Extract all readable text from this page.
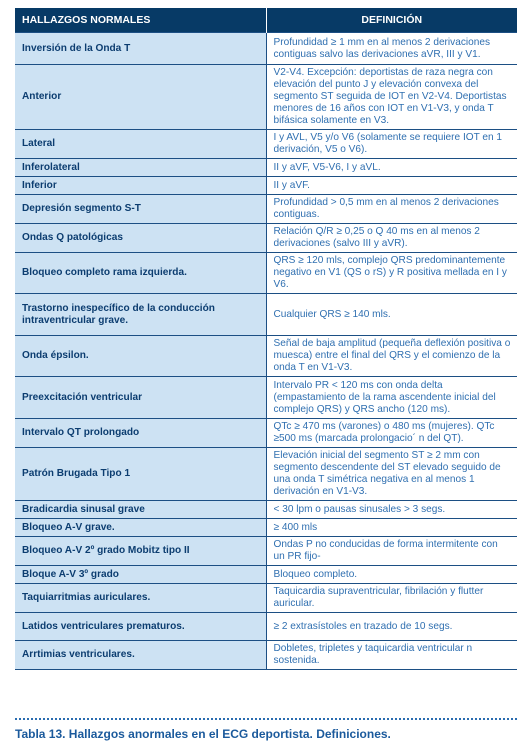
HALLAZGOS NORMALES	DEFINICIÓN
Inversión de la Onda T	Profundidad ≥ 1 mm en al menos 2 derivaciones contiguas salvo las derivaciones aVR, III y V1.
Anterior	V2-V4. Excepción: deportistas de raza negra con elevación del punto J y elevación convexa del segmento ST seguida de IOT en V2-V4. Deportistas menores de 16 años con IOT en V1-V3, y onda T bifásica solamente en V3.
Lateral	I y AVL, V5 y/o V6 (solamente se requiere IOT en 1 derivación, V5 o V6).
Inferolateral	II y aVF, V5-V6, I y aVL.
Inferior	II y aVF.
Depresión segmento S-T	Profundidad > 0,5 mm en al menos 2 derivaciones contiguas.
Ondas Q patológicas	Relación Q/R ≥ 0,25 o Q 40 ms en al menos 2 derivaciones (salvo III y aVR).
Bloqueo completo rama izquierda.	QRS ≥ 120 mls, complejo QRS predominantemente negativo en V1 (QS o rS) y R positiva mellada en I y V6.
Trastorno inespecífico de la conducción intraventricular grave.	Cualquier QRS ≥ 140 mls.
Onda épsilon.	Señal de baja amplitud (pequeña deflexión positiva o muesca) entre el final del QRS y el comienzo de la onda T en V1-V3.
Preexcitación ventricular	Intervalo PR < 120 ms con onda delta (empastamiento de la rama ascendente inicial del complejo QRS) y QRS ancho (120 ms).
Intervalo QT prolongado	QTc ≥ 470 ms (varones) o 480 ms (mujeres). QTc ≥500 ms (marcada prolongacio´ n del QT).
Patrón Brugada Tipo 1	Elevación inicial del segmento ST ≥ 2 mm con segmento descendente del ST elevado seguido de una onda T simétrica negativa en al menos 1 derivación en V1-V3.
Bradicardia sinusal grave	< 30 lpm o pausas sinusales > 3 segs.
Bloqueo A-V grave.	≥ 400 mls
Bloqueo A-V 2º grado Mobitz tipo II	Ondas P no conducidas de forma intermitente con un PR fijo-
Bloque A-V 3º grado	Bloqueo completo.
Taquiarritmias auriculares.	Taquicardia supraventricular, fibrilación y flutter auricular.
Latidos ventriculares prematuros.	≥ 2 extrasístoles en trazado de 10 segs.
Arrtimias ventriculares.	Dobletes, tripletes y taquicardia ventricular n sostenida.
Tabla 13. Hallazgos anormales en el ECG deportista. Definiciones.
